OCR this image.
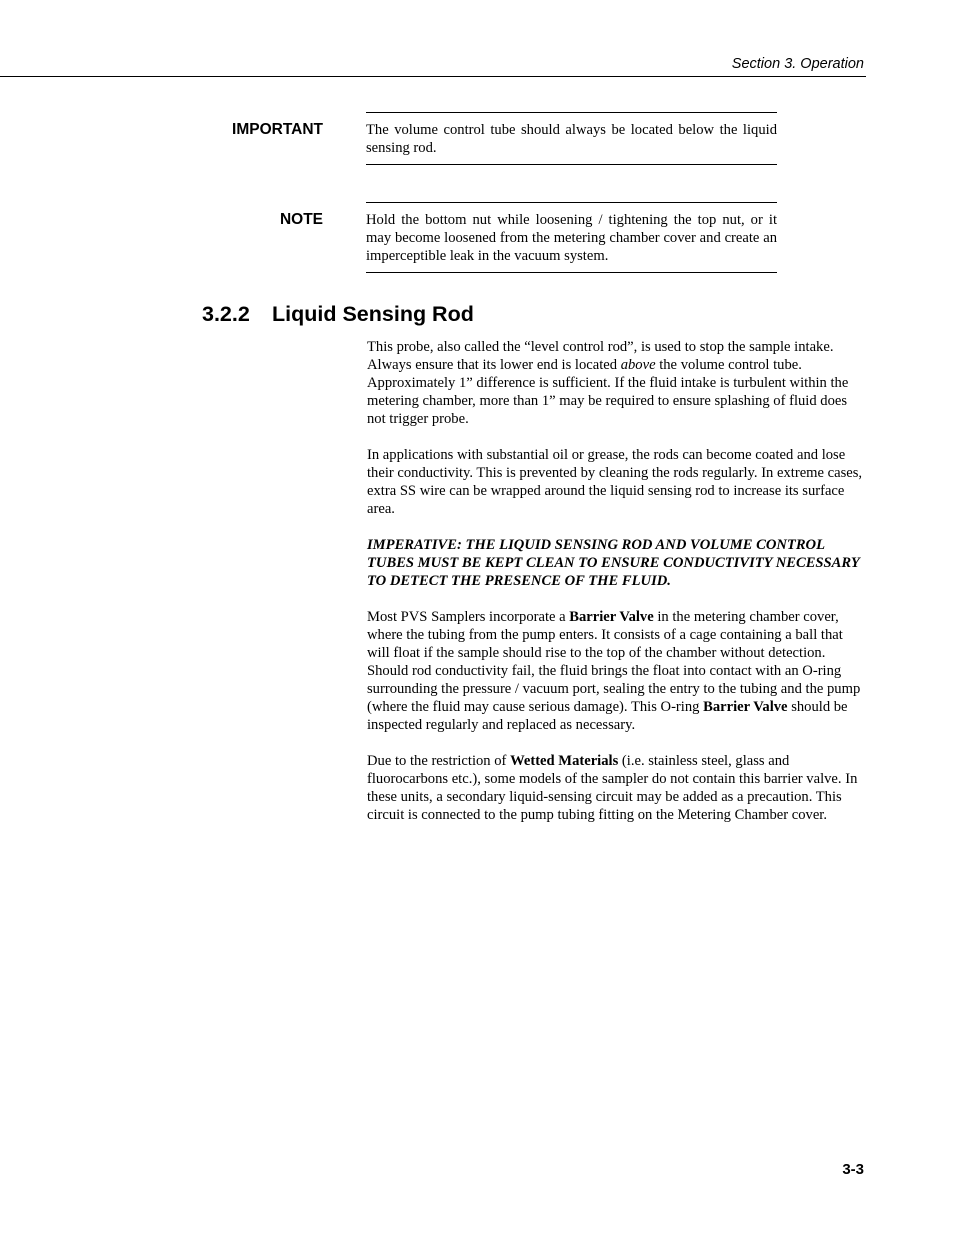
Section 3. Operation
IMPORTANT	The volume control tube should always be located below the liquid sensing rod.

NOTE	Hold the bottom nut while loosening / tightening the top nut, or it may become loosened from the metering chamber cover and create an imperceptible leak in the vacuum system.

3.2.2 Liquid Sensing Rod

This probe, also called the “level control rod”, is used to stop the sample intake. Always ensure that its lower end is located above the volume control tube. Approximately 1” difference is sufficient. If the fluid intake is turbulent within the metering chamber, more than 1” may be required to ensure splashing of fluid does not trigger probe.

In applications with substantial oil or grease, the rods can become coated and lose their conductivity. This is prevented by cleaning the rods regularly. In extreme cases, extra SS wire can be wrapped around the liquid sensing rod to increase its surface area.

IMPERATIVE: THE LIQUID SENSING ROD AND VOLUME CONTROL TUBES MUST BE KEPT CLEAN TO ENSURE CONDUCTIVITY NECESSARY TO DETECT THE PRESENCE OF THE FLUID.

Most PVS Samplers incorporate a Barrier Valve in the metering chamber cover, where the tubing from the pump enters. It consists of a cage containing a ball that will float if the sample should rise to the top of the chamber without detection. Should rod conductivity fail, the fluid brings the float into contact with an O-ring surrounding the pressure / vacuum port, sealing the entry to the tubing and the pump (where the fluid may cause serious damage). This O-ring Barrier Valve should be inspected regularly and replaced as necessary.

Due to the restriction of Wetted Materials (i.e. stainless steel, glass and fluorocarbons etc.), some models of the sampler do not contain this barrier valve. In these units, a secondary liquid-sensing circuit may be added as a precaution. This circuit is connected to the pump tubing fitting on the Metering Chamber cover.

3-3
